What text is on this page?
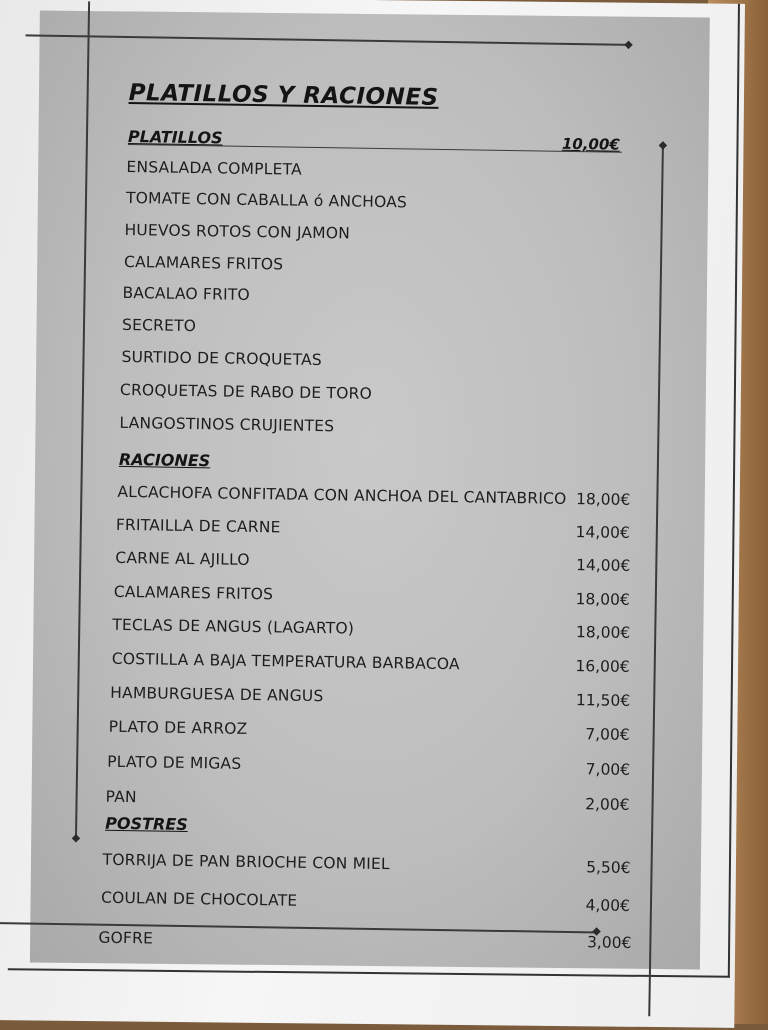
PLATILLOS Y RACIONES
PLATILLOS	10,00€
ENSALADA COMPLETA
TOMATE CON CABALLA ó ANCHOAS
HUEVOS ROTOS CON JAMON
CALAMARES FRITOS
BACALAO FRITO
SECRETO
SURTIDO DE CROQUETAS
CROQUETAS DE RABO DE TORO
LANGOSTINOS CRUJIENTES
RACIONES
ALCACHOFA CONFITADA CON ANCHOA DEL CANTABRICO 18,00€
FRITAILLA DE CARNE	14,00€
CARNE AL AJILLO	14,00€
CALAMARES FRITOS	18,00€
TECLAS DE ANGUS (LAGARTO)	18,00€
COSTILLA A BAJA TEMPERATURA BARBACOA	16,00€
HAMBURGUESA DE ANGUS	11,50€
PLATO DE ARROZ	7,00€
PLATO DE MIGAS	7,00€
PAN	2,00€
POSTRES
TORRIJA DE PAN BRIOCHE CON MIEL	5,50€
COULAN DE CHOCOLATE	4,00€
GOFRE	3,00€
